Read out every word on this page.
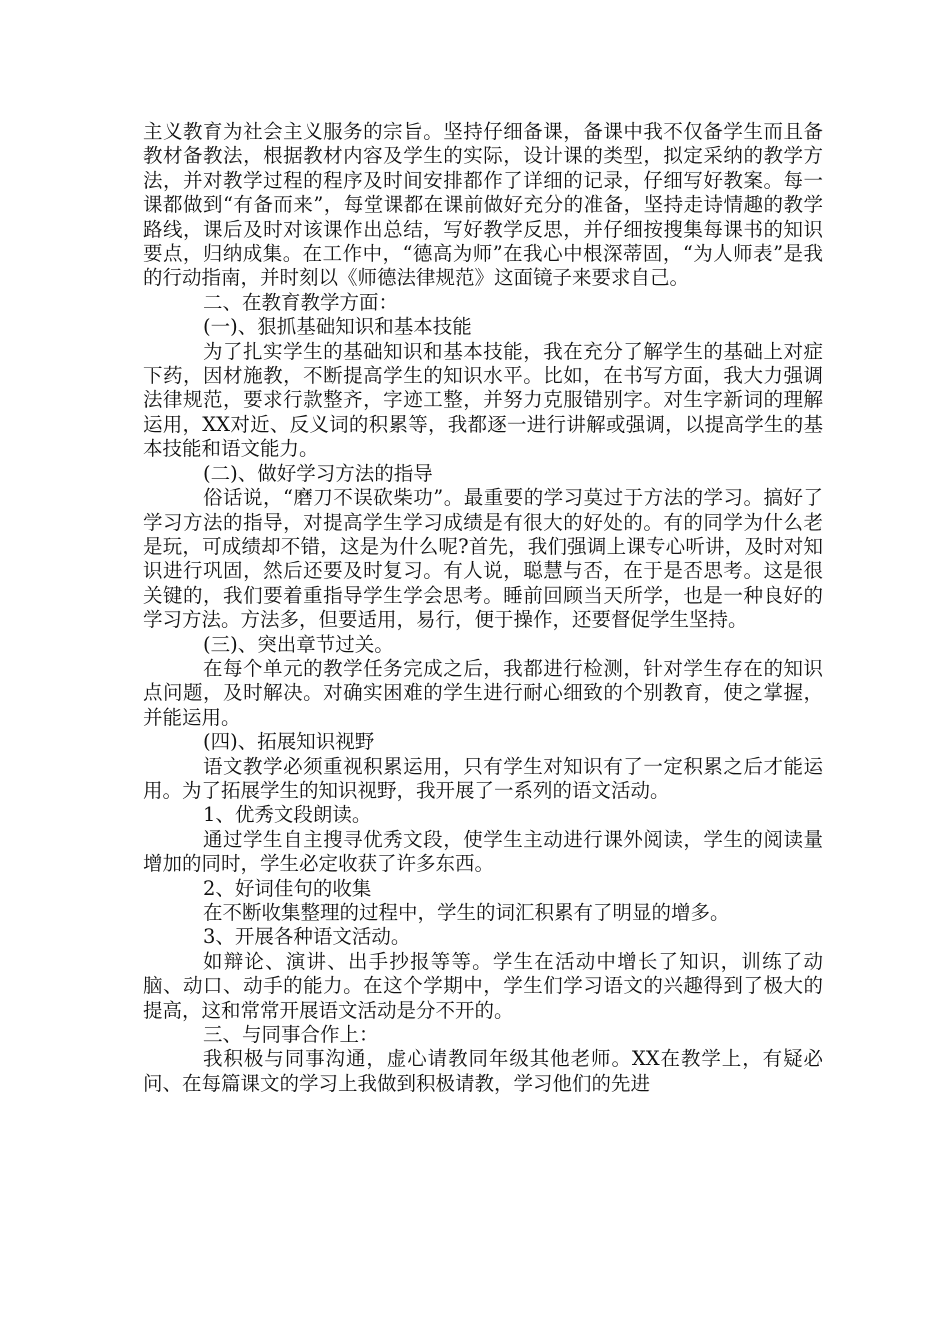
主义教育为社会主义服务的宗旨。坚持仔细备课，备课中我不仅备学生而且备教材备教法，根据教材内容及学生的实际，设计课的类型，拟定采纳的教学方法，并对教学过程的程序及时间安排都作了详细的记录，仔细写好教案。每一课都做到“有备而来”，每堂课都在课前做好充分的准备，坚持走诗情趣的教学路线，课后及时对该课作出总结，写好教学反思，并仔细按搜集每课书的知识要点，归纳成集。在工作中，“德高为师”在我心中根深蒂固，“为人师表”是我的行动指南，并时刻以《师德法律规范》这面镜子来要求自己。

二、在教育教学方面：

(一)、狠抓基础知识和基本技能

为了扎实学生的基础知识和基本技能，我在充分了解学生的基础上对症下药，因材施教，不断提高学生的知识水平。比如，在书写方面，我大力强调法律规范，要求行款整齐，字迹工整，并努力克服错别字。对生字新词的理解运用，XX对近、反义词的积累等，我都逐一进行讲解或强调，以提高学生的基本技能和语文能力。

(二)、做好学习方法的指导

俗话说，“磨刀不误砍柴功”。最重要的学习莫过于方法的学习。搞好了学习方法的指导，对提高学生学习成绩是有很大的好处的。有的同学为什么老是玩，可成绩却不错，这是为什么呢?首先，我们强调上课专心听讲，及时对知识进行巩固，然后还要及时复习。有人说，聪慧与否，在于是否思考。这是很关键的，我们要着重指导学生学会思考。睡前回顾当天所学，也是一种良好的学习方法。方法多，但要适用，易行，便于操作，还要督促学生坚持。

(三)、突出章节过关。

在每个单元的教学任务完成之后，我都进行检测，针对学生存在的知识点问题，及时解决。对确实困难的学生进行耐心细致的个别教育，使之掌握，并能运用。

(四)、拓展知识视野

语文教学必须重视积累运用，只有学生对知识有了一定积累之后才能运用。为了拓展学生的知识视野，我开展了一系列的语文活动。

1、优秀文段朗读。

通过学生自主搜寻优秀文段，使学生主动进行课外阅读，学生的阅读量增加的同时，学生必定收获了许多东西。

2、好词佳句的收集

在不断收集整理的过程中，学生的词汇积累有了明显的增多。

3、开展各种语文活动。

如辩论、演讲、出手抄报等等。学生在活动中增长了知识，训练了动脑、动口、动手的能力。在这个学期中，学生们学习语文的兴趣得到了极大的提高，这和常常开展语文活动是分不开的。

三、与同事合作上：

我积极与同事沟通，虚心请教同年级其他老师。XX在教学上，有疑必问、在每篇课文的学习上我做到积极请教，学习他们的先进
